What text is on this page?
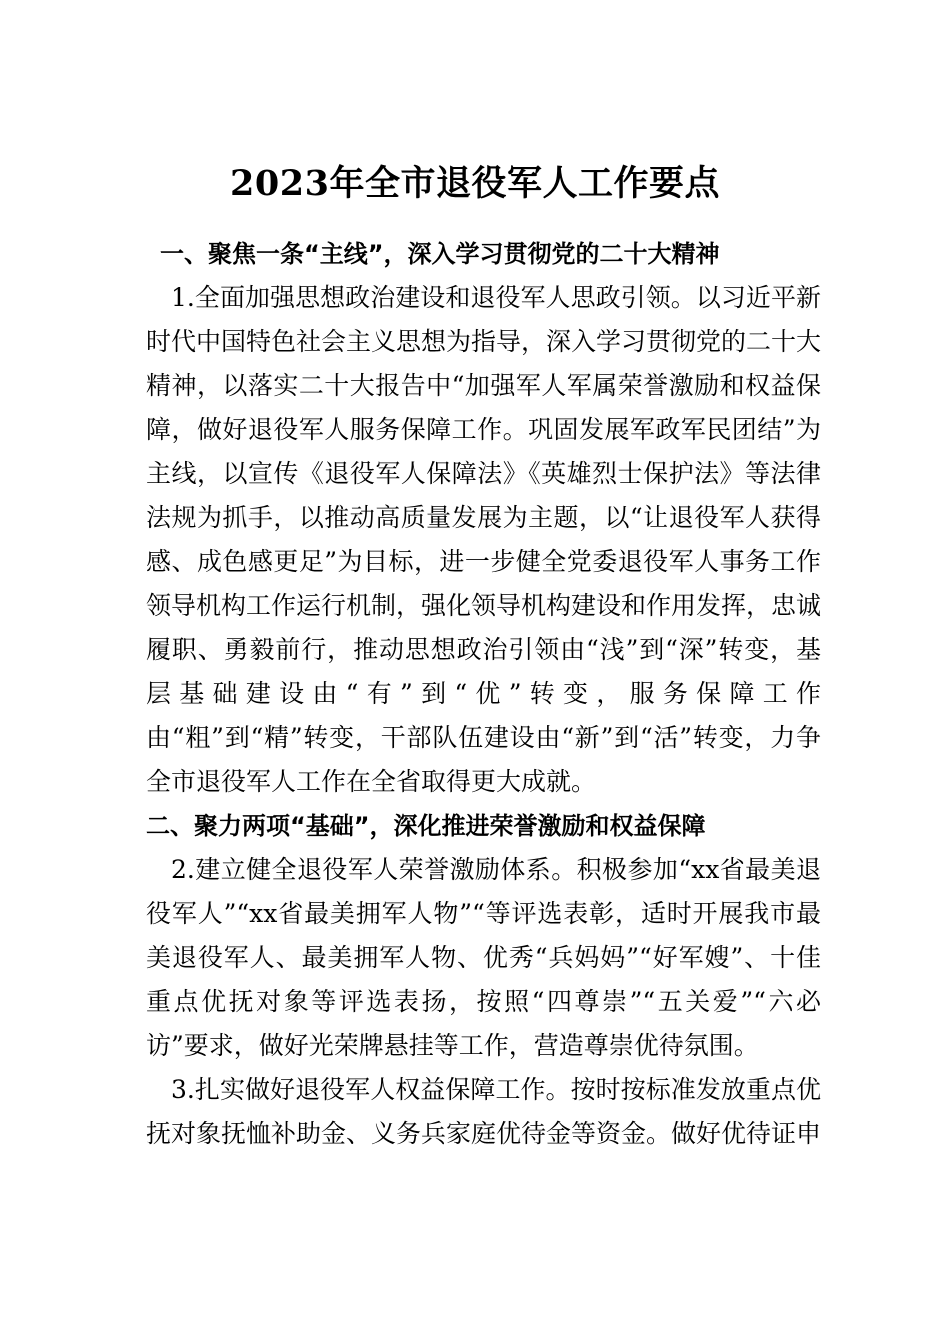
2023年全市退役军人工作要点
一、聚焦一条“主线”，深入学习贯彻党的二十大精神

1.全面加强思想政治建设和退役军人思政引领。以习近平新时代中国特色社会主义思想为指导，深入学习贯彻党的二十大精神，以落实二十大报告中“加强军人军属荣誉激励和权益保障，做好退役军人服务保障工作。巩固发展军政军民团结”为主线，以宣传《退役军人保障法》《英雄烈士保护法》等法律法规为抓手，以推动高质量发展为主题，以“让退役军人获得感、成色感更足”为目标，进一步健全党委退役军人事务工作领导机构工作运行机制，强化领导机构建设和作用发挥，忠诚履职、勇毅前行，推动思想政治引领由“浅”到“深”转变，基层基础建设由“有”到“优”转变，服务保障工作由“粗”到“精”转变，干部队伍建设由“新”到“活”转变，力争全市退役军人工作在全省取得更大成就。

二、聚力两项“基础”，深化推进荣誉激励和权益保障

2.建立健全退役军人荣誉激励体系。积极参加“xx省最美退役军人”“xx省最美拥军人物”“等评选表彰，适时开展我市最美退役军人、最美拥军人物、优秀“兵妈妈”“好军嫂”、十佳重点优抚对象等评选表扬，按照“四尊崇”“五关爱”“六必访”要求，做好光荣牌悬挂等工作，营造尊崇优待氛围。

3.扎实做好退役军人权益保障工作。按时按标准发放重点优抚对象抚恤补助金、义务兵家庭优待金等资金。做好优待证申
